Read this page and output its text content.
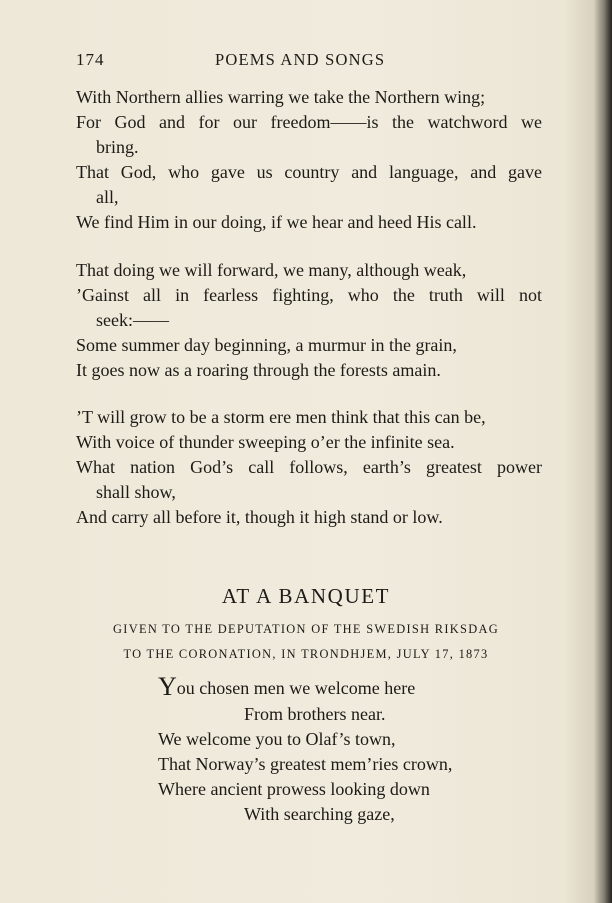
174	POEMS AND SONGS
With Northern allies warring we take the Northern wing;
For God and for our freedom——is the watchword we
bring.
That God, who gave us country and language, and gave
all,
We find Him in our doing, if we hear and heed His call.
That doing we will forward, we many, although weak,
’Gainst all in fearless fighting, who the truth will not
seek:——
Some summer day beginning, a murmur in the grain,
It goes now as a roaring through the forests amain.
’T will grow to be a storm ere men think that this can be,
With voice of thunder sweeping o’er the infinite sea.
What nation God’s call follows, earth’s greatest power
shall show,
And carry all before it, though it high stand or low.
AT A BANQUET
GIVEN TO THE DEPUTATION OF THE SWEDISH RIKSDAG
TO THE CORONATION, IN TRONDHJEM, JULY 17, 1873
You chosen men we welcome here
From brothers near.
We welcome you to Olaf’s town,
That Norway’s greatest mem’ries crown,
Where ancient prowess looking down
With searching gaze,
